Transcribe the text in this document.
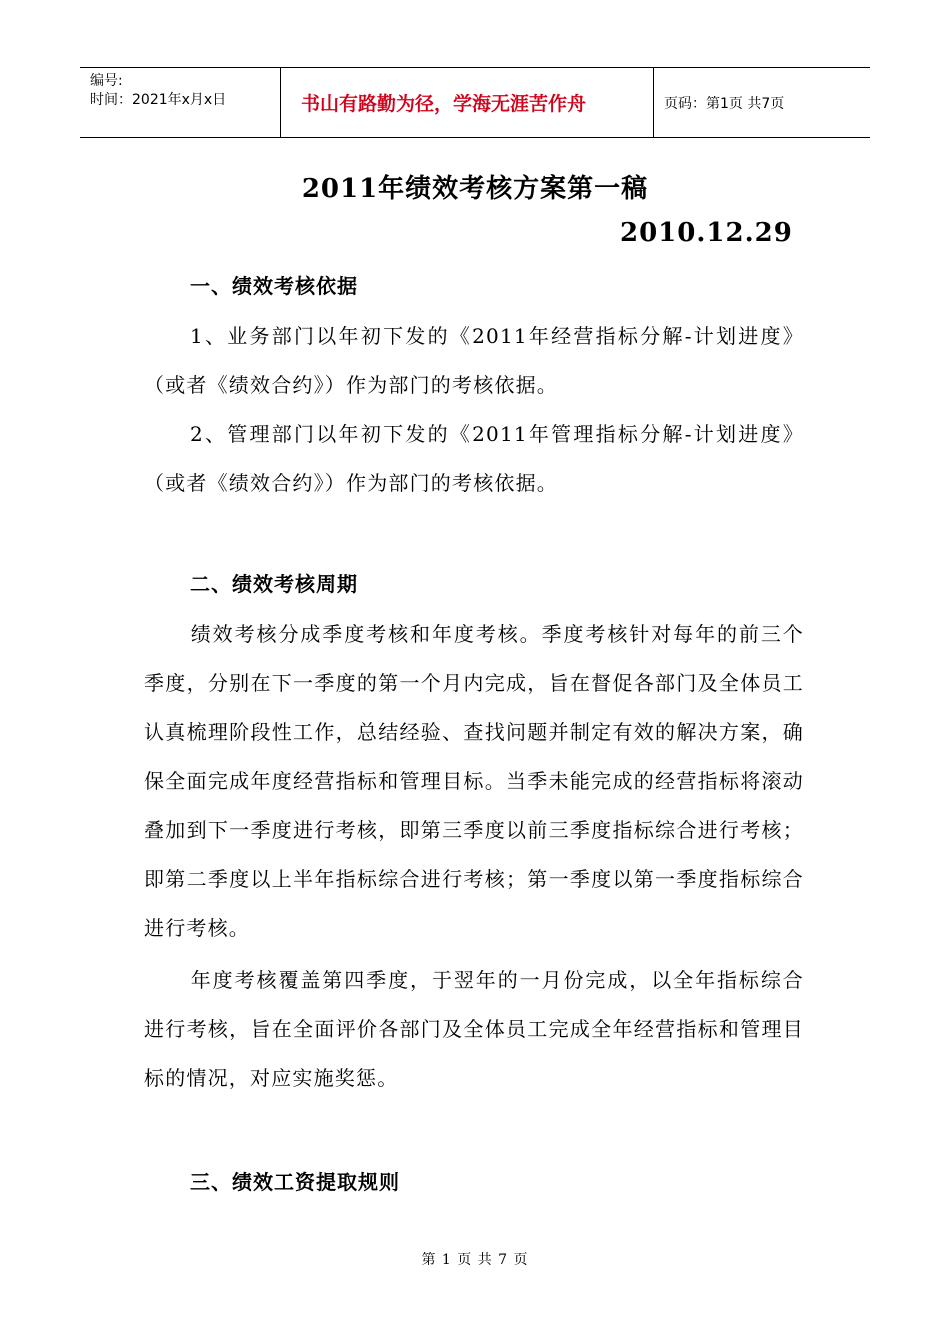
编号:
时间：2021年x月x日	书山有路勤为径，学海无涯苦作舟	页码：第1页 共7页
2011年绩效考核方案第一稿
2010.12.29
一、绩效考核依据
1、业务部门以年初下发的《2011年经营指标分解-计划进度》（或者《绩效合约》）作为部门的考核依据。
2、管理部门以年初下发的《2011年管理指标分解-计划进度》（或者《绩效合约》）作为部门的考核依据。
二、绩效考核周期
绩效考核分成季度考核和年度考核。季度考核针对每年的前三个季度，分别在下一季度的第一个月内完成，旨在督促各部门及全体员工认真梳理阶段性工作，总结经验、查找问题并制定有效的解决方案，确保全面完成年度经营指标和管理目标。当季未能完成的经营指标将滚动叠加到下一季度进行考核，即第三季度以前三季度指标综合进行考核；即第二季度以上半年指标综合进行考核；第一季度以第一季度指标综合进行考核。
年度考核覆盖第四季度，于翌年的一月份完成，以全年指标综合进行考核，旨在全面评价各部门及全体员工完成全年经营指标和管理目标的情况，对应实施奖惩。
三、绩效工资提取规则
第 1 页 共 7 页
